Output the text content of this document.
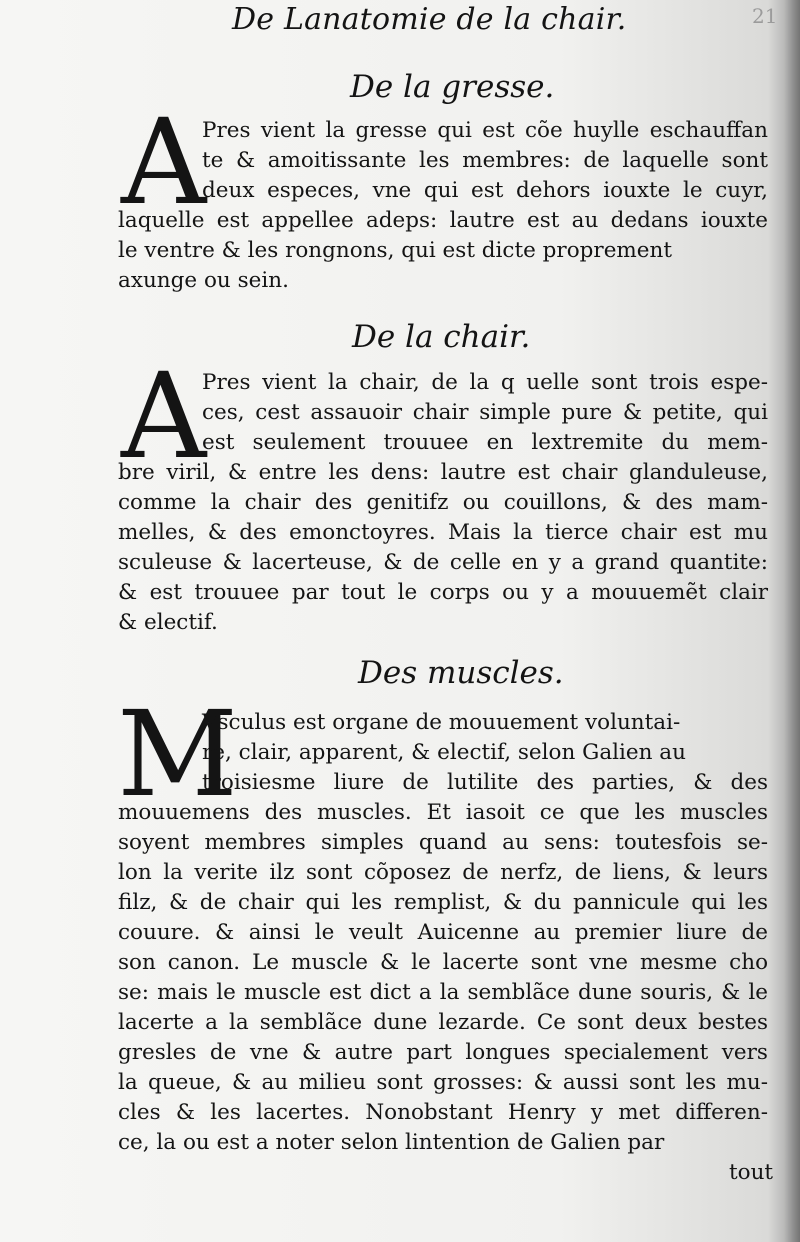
De Lanatomie de la chair.	21
De la gresse.
A
Pres vient la gresse qui est cõe huylle eschauffan
te & amoitissante les membres: de laquelle sont
deux especes, vne qui est dehors iouxte le cuyr,
laquelle est appellee adeps: lautre est au dedans iouxte
le ventre & les rongnons, qui est dicte proprement
axunge ou sein.
De la chair.
A
Pres vient la chair, de la q uelle sont trois espe-
ces, cest assauoir chair simple pure & petite, qui
est seulement trouuee en lextremite du mem-
bre viril, & entre les dens: lautre est chair glanduleuse,
comme la chair des genitifz ou couillons, & des mam-
melles, & des emonctoyres. Mais la tierce chair est mu
sculeuse & lacerteuse, & de celle en y a grand quantite:
& est trouuee par tout le corps ou y a mouuemẽt clair
& electif.
Des muscles.
M
Vsculus est organe de mouuement voluntai-
re, clair, apparent, & electif, selon Galien au
troisiesme liure de lutilite des parties, & des
mouuemens des muscles. Et iasoit ce que les muscles
soyent membres simples quand au sens: toutesfois se-
lon la verite ilz sont cõposez de nerfz, de liens, & leurs
filz, & de chair qui les remplist, & du pannicule qui les
couure. & ainsi le veult Auicenne au premier liure de
son canon. Le muscle & le lacerte sont vne mesme cho
se: mais le muscle est dict a la semblãce dune souris, & le
lacerte a la semblãce dune lezarde. Ce sont deux bestes
gresles de vne & autre part longues specialement vers
la queue, & au milieu sont grosses: & aussi sont les mu-
cles & les lacertes. Nonobstant Henry y met differen-
ce, la ou est a noter selon lintention de Galien par
tout
